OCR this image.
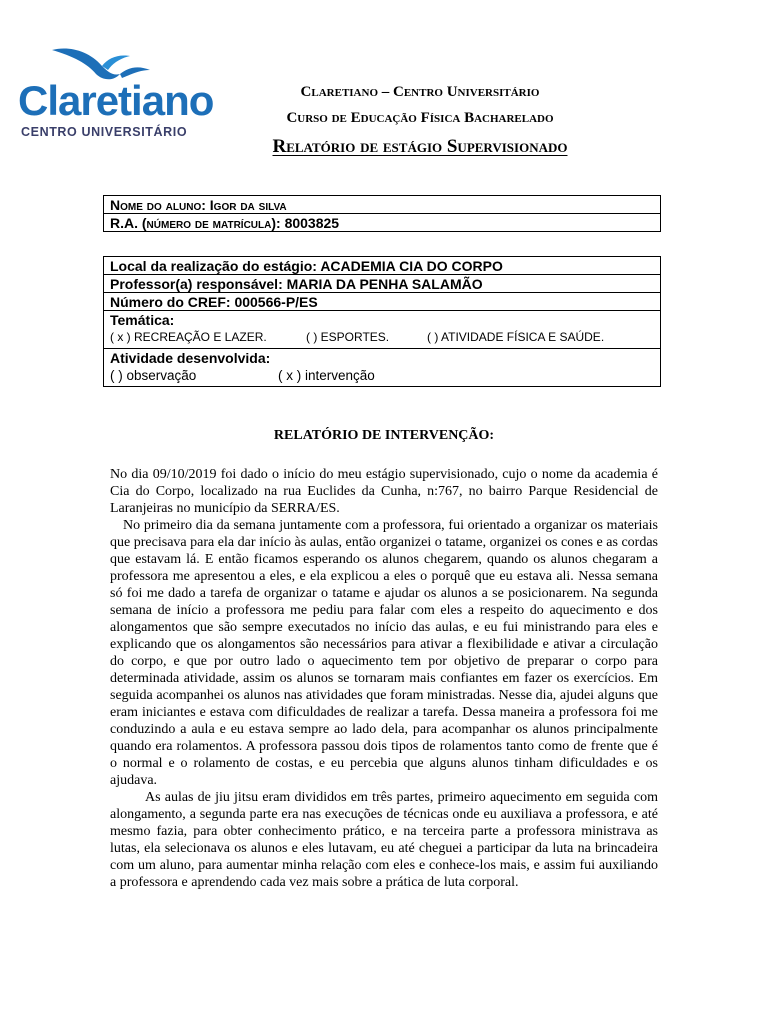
Claretiano
CENTRO UNIVERSITÁRIO
Claretiano – Centro Universitário
Curso de Educação Física Bacharelado
Relatório de estágio Supervisionado
Nome do aluno: Igor da silva
R.A. (número de matrícula): 8003825
Local da realização do estágio: ACADEMIA CIA DO CORPO
Professor(a) responsável: MARIA DA PENHA SALAMÃO
Número do CREF: 000566-P/ES
Temática:
( x ) RECREAÇÃO E LAZER.	( ) ESPORTES.	( ) ATIVIDADE FÍSICA E SAÚDE.

Atividade desenvolvida:
( ) observação	( x ) intervenção
RELATÓRIO DE INTERVENÇÃO:

No dia 09/10/2019 foi dado o início do meu estágio supervisionado, cujo o nome da academia é Cia do Corpo, localizado na rua Euclides da Cunha, n:767, no bairro Parque Residencial de Laranjeiras no município da SERRA/ES.

No primeiro dia da semana juntamente com a professora, fui orientado a organizar os materiais que precisava para ela dar início às aulas, então organizei o tatame, organizei os cones e as cordas que estavam lá. E então ficamos esperando os alunos chegarem, quando os alunos chegaram a professora me apresentou a eles, e ela explicou a eles o porquê que eu estava ali. Nessa semana só foi me dado a tarefa de organizar o tatame e ajudar os alunos a se posicionarem. Na segunda semana de início a professora me pediu para falar com eles a respeito do aquecimento e dos alongamentos que são sempre executados no início das aulas, e eu fui ministrando para eles e explicando que os alongamentos são necessários para ativar a flexibilidade e ativar a circulação do corpo, e que por outro lado o aquecimento tem por objetivo de preparar o corpo para determinada atividade, assim os alunos se tornaram mais confiantes em fazer os exercícios. Em seguida acompanhei os alunos nas atividades que foram ministradas. Nesse dia, ajudei alguns que eram iniciantes e estava com dificuldades de realizar a tarefa. Dessa maneira a professora foi me conduzindo a aula e eu estava sempre ao lado dela, para acompanhar os alunos principalmente quando era rolamentos. A professora passou dois tipos de rolamentos tanto como de frente que é o normal e o rolamento de costas, e eu percebia que alguns alunos tinham dificuldades e os ajudava.

As aulas de jiu jitsu eram divididos em três partes, primeiro aquecimento em seguida com alongamento, a segunda parte era nas execuções de técnicas onde eu auxiliava a professora, e até mesmo fazia, para obter conhecimento prático, e na terceira parte a professora ministrava as lutas, ela selecionava os alunos e eles lutavam, eu até cheguei a participar da luta na brincadeira com um aluno, para aumentar minha relação com eles e conhece-los mais, e assim fui auxiliando a professora e aprendendo cada vez mais sobre a prática de luta corporal.
